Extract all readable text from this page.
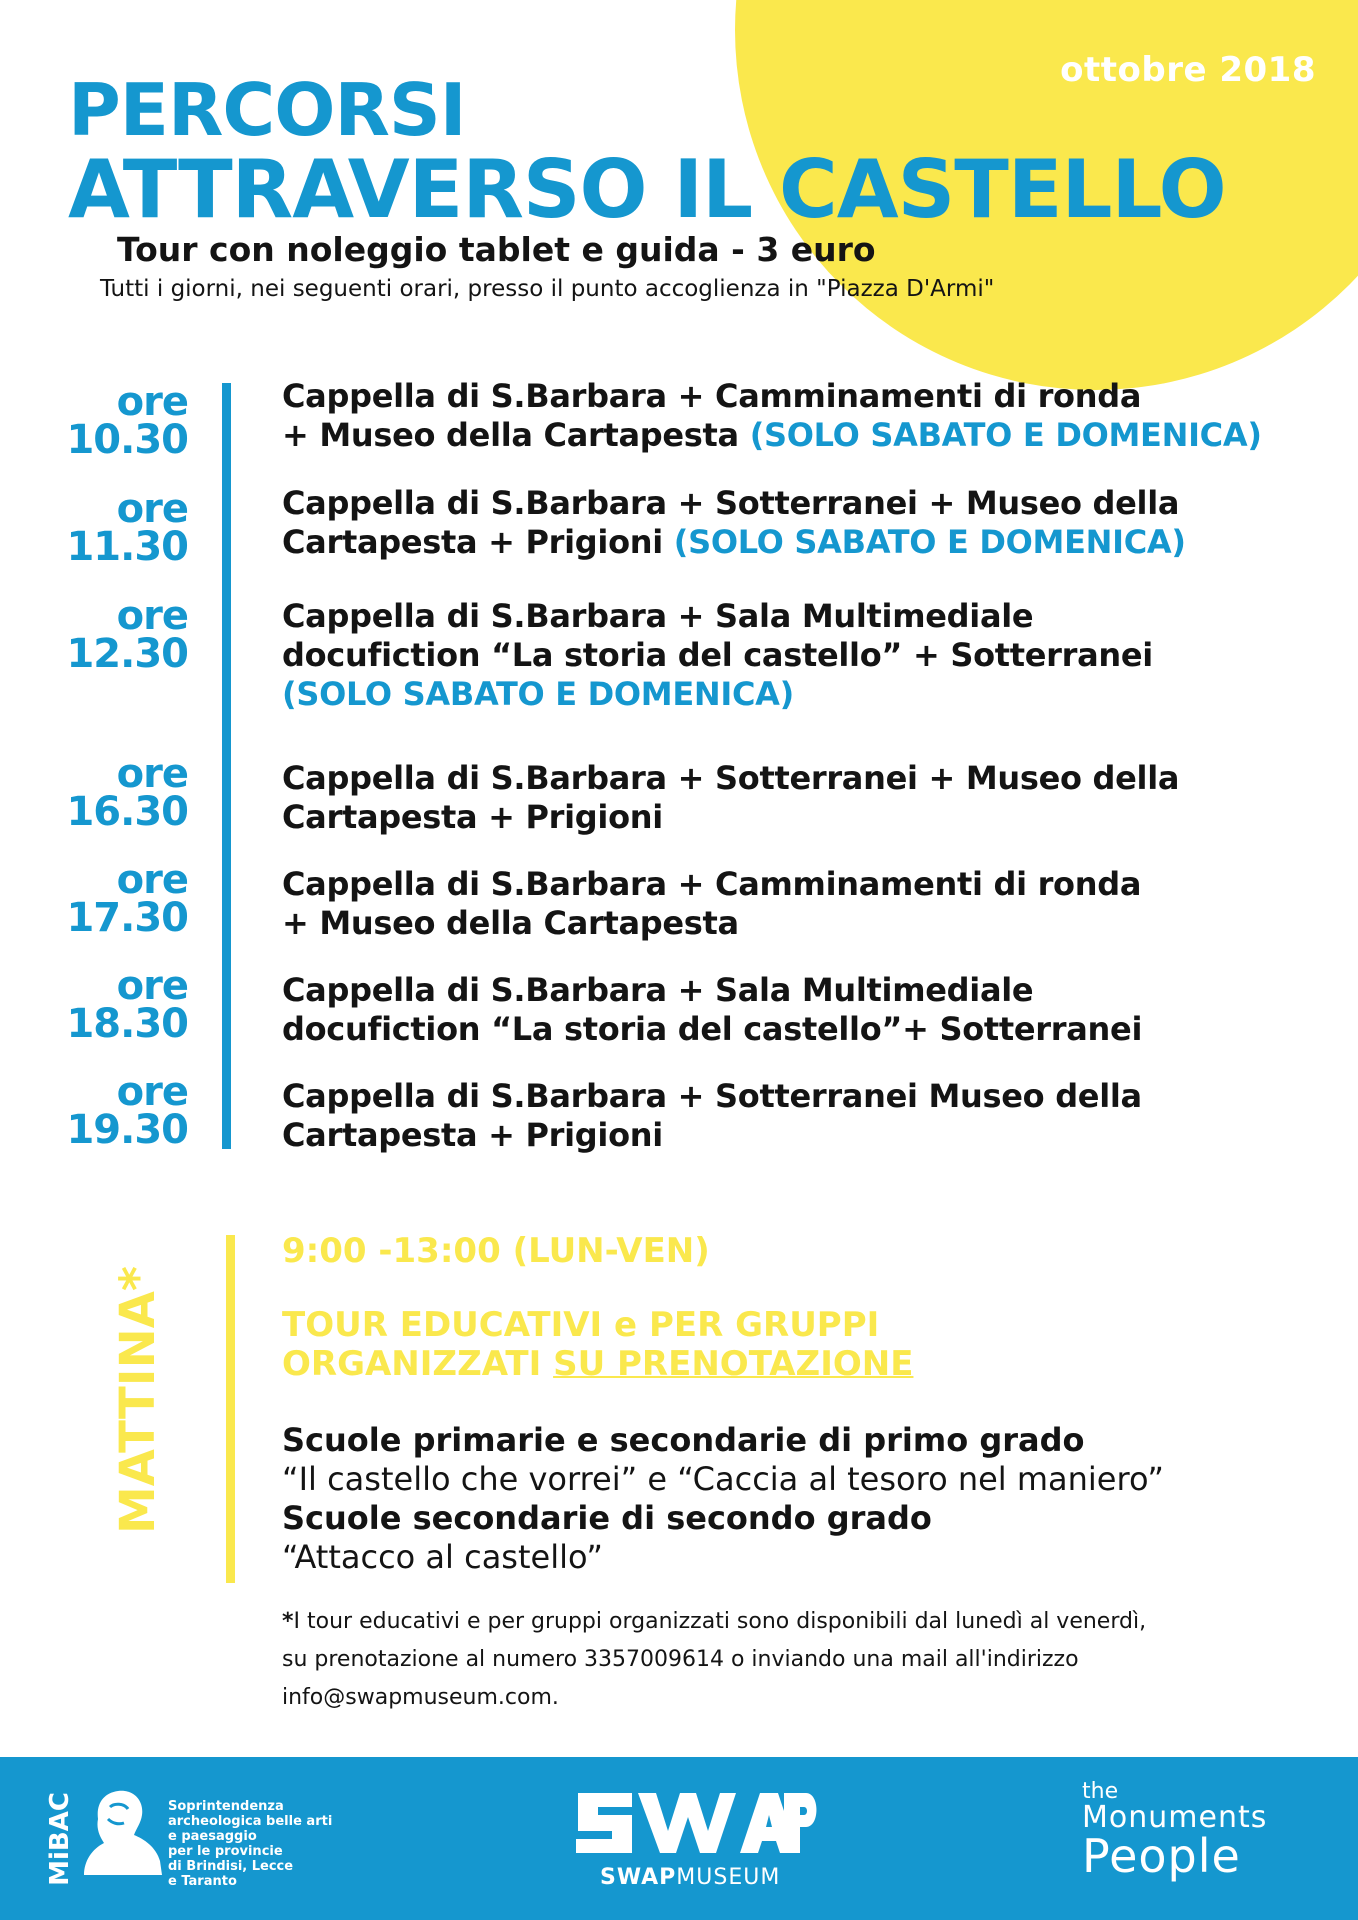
ottobre 2018
PERCORSI
ATTRAVERSO IL CASTELLO
Tour con noleggio tablet e guida - 3 euro
Tutti i giorni, nei seguenti orari, presso il punto accoglienza in "Piazza D'Armi"
ore
10.30
Cappella di S.Barbara + Camminamenti di ronda
+ Museo della Cartapesta (SOLO SABATO E DOMENICA)
ore
11.30
Cappella di S.Barbara + Sotterranei + Museo della
Cartapesta + Prigioni (SOLO SABATO E DOMENICA)
ore
12.30
Cappella di S.Barbara + Sala Multimediale
docufiction “La storia del castello” + Sotterranei
(SOLO SABATO E DOMENICA)
ore
16.30
Cappella di S.Barbara + Sotterranei + Museo della
Cartapesta + Prigioni
ore
17.30
Cappella di S.Barbara + Camminamenti di ronda
+ Museo della Cartapesta
ore
18.30
Cappella di S.Barbara + Sala Multimediale
docufiction “La storia del castello”+ Sotterranei
ore
19.30
Cappella di S.Barbara + Sotterranei Museo della
Cartapesta + Prigioni
MATTINA*
9:00 -13:00 (LUN-VEN)
TOUR EDUCATIVI e PER GRUPPI
ORGANIZZATI SU PRENOTAZIONE
Scuole primarie e secondarie di primo grado
“Il castello che vorrei” e “Caccia al tesoro nel maniero”
Scuole secondarie di secondo grado
“Attacco al castello”
*I tour educativi e per gruppi organizzati sono disponibili dal lunedì al venerdì,
su prenotazione al numero 3357009614 o inviando una mail all'indirizzo
info@swapmuseum.com.
MiBAC	Soprintendenza
archeologica belle arti
e paesaggio
per le provincie
di Brindisi, Lecce
e Taranto	SWAPMUSEUM
the
Monuments
People
